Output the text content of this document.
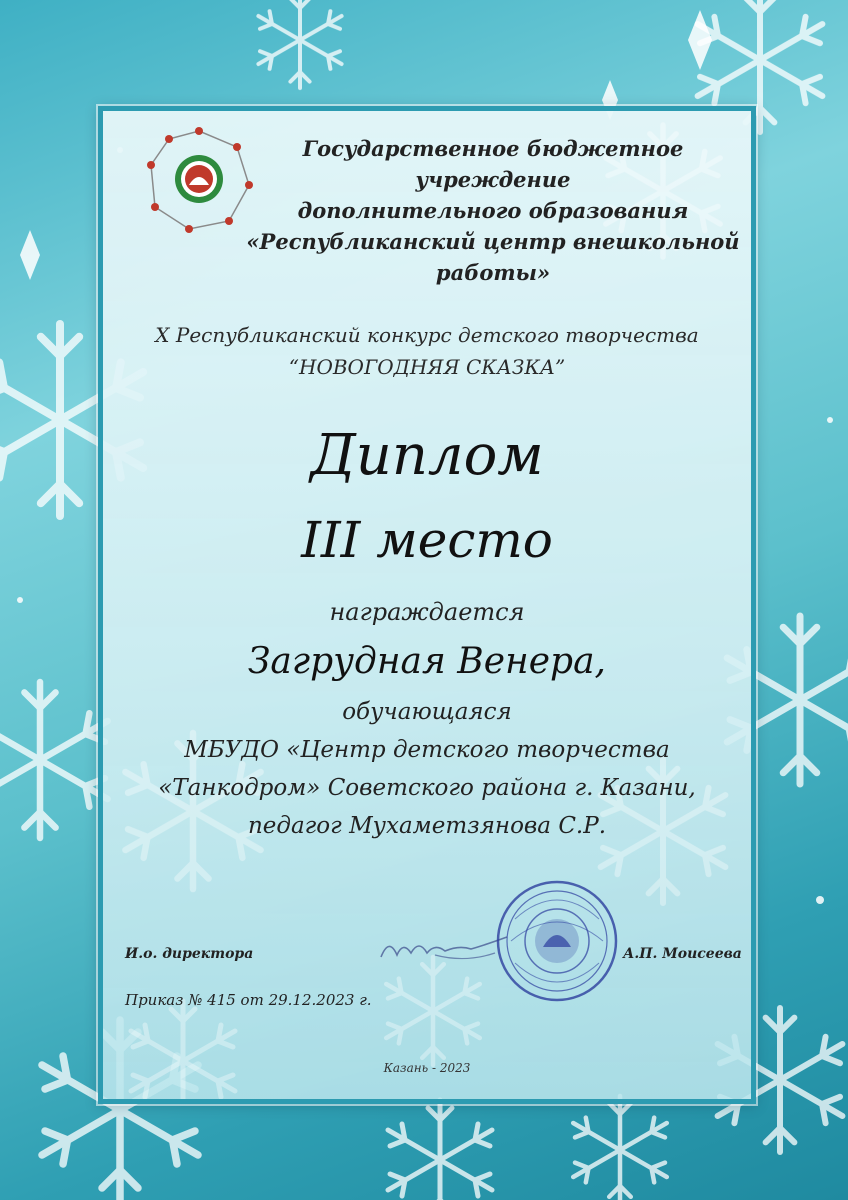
Государственное бюджетное учреждение
дополнительного образования
«Республиканский центр внешкольной работы»
X Республиканский конкурс детского творчества
“НОВОГОДНЯЯ СКАЗКА”
Диплом
III место
награждается
Загрудная Венера,
обучающаяся
МБУДО «Центр детского творчества
«Танкодром» Советского района г. Казани,
педагог Мухаметзянова С.Р.
И.о. директора	А.П. Моисеева
Приказ № 415 от 29.12.2023 г.
Казань - 2023
